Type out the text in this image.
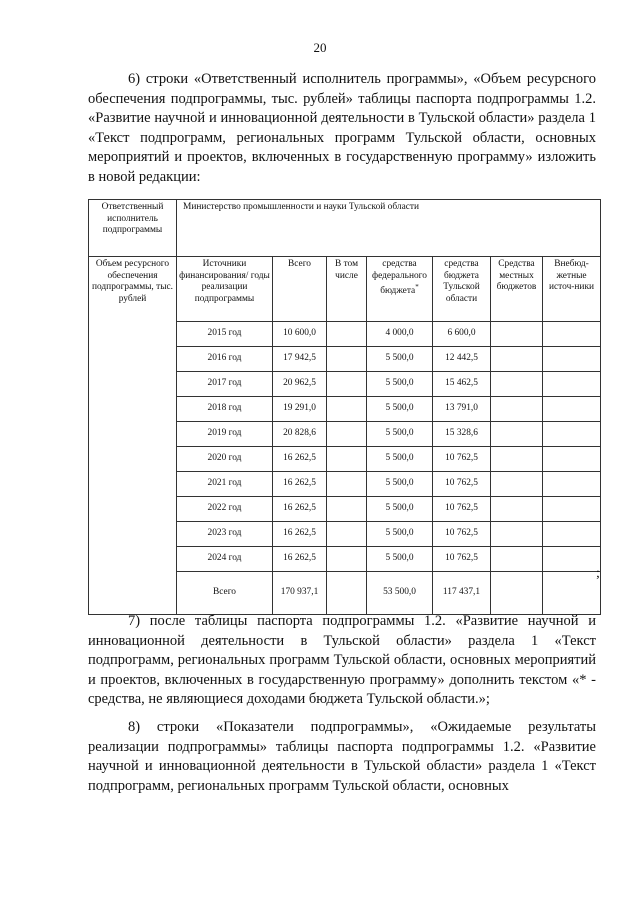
20
6) строки «Ответственный исполнитель программы», «Объем ресурсного обеспечения подпрограммы, тыс. рублей» таблицы паспорта подпрограммы 1.2. «Развитие научной и инновационной деятельности в Тульской области» раздела 1 «Текст подпрограмм, региональных программ Тульской области, основных мероприятий и проектов, включенных в государственную программу» изложить в новой редакции:
Ответственный исполнитель подпрограммы	Министерство промышленности и науки Тульской области						
Объем ресурсного обеспечения подпрограммы, тыс. рублей	Источники финансирования/ годы реализации подпрограммы	Всего	В том числе	средства федерального бюджета*	средства бюджета Тульской области	Средства местных бюджетов	Внебюд-жетные источ-ники
	2015 год	10 600,0		4 000,0	6 600,0		
	2016 год	17 942,5		5 500,0	12 442,5		
	2017 год	20 962,5		5 500,0	15 462,5		
	2018 год	19 291,0		5 500,0	13 791,0		
	2019 год	20 828,6		5 500,0	15 328,6		
	2020 год	16 262,5		5 500,0	10 762,5		
	2021 год	16 262,5		5 500,0	10 762,5		
	2022 год	16 262,5		5 500,0	10 762,5		
	2023 год	16 262,5		5 500,0	10 762,5		
	2024 год	16 262,5		5 500,0	10 762,5		
	Всего	170 937,1		53 500,0	117 437,1		
;
7) после таблицы паспорта подпрограммы 1.2. «Развитие научной и инновационной деятельности в Тульской области» раздела 1 «Текст подпрограмм, региональных программ Тульской области, основных мероприятий и проектов, включенных в государственную программу» дополнить текстом «* - средства, не являющиеся доходами бюджета Тульской области.»;
8) строки «Показатели подпрограммы», «Ожидаемые результаты реализации подпрограммы» таблицы паспорта подпрограммы 1.2. «Развитие научной и инновационной деятельности в Тульской области» раздела 1 «Текст подпрограмм, региональных программ Тульской области, основных
